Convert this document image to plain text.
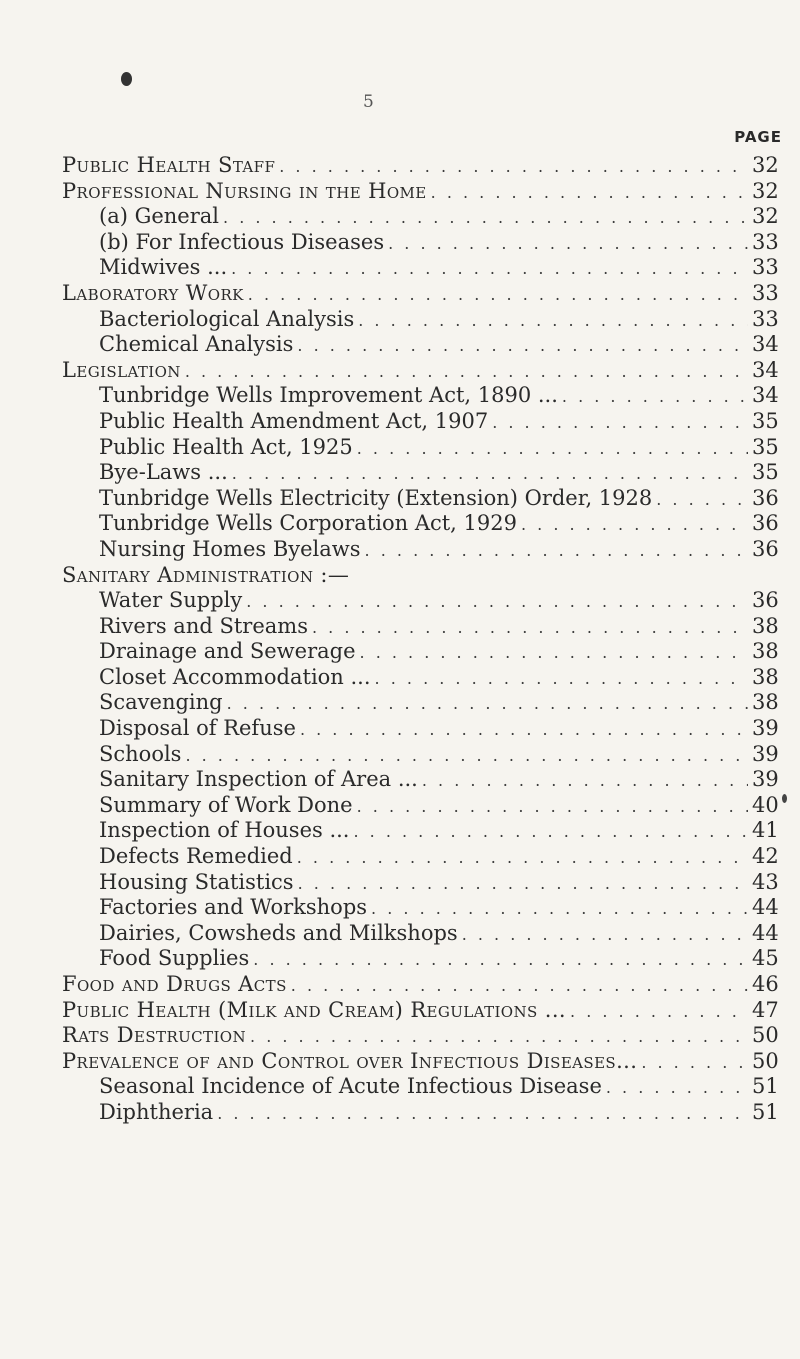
5
PAGE
Public Health Staff . . .	32
Professional Nursing in the Home . . .	32
(a) General . . .	32
(b) For Infectious Diseases . . .	33
Midwives ... . . .	33
Laboratory Work . . .	33
Bacteriological Analysis . . .	33
Chemical Analysis . . .	34
Legislation . . .	34
Tunbridge Wells Improvement Act, 1890 ... . . .	34
Public Health Amendment Act, 1907 . . .	35
Public Health Act, 1925 . . .	35
Bye-Laws ... . . .	35
Tunbridge Wells Electricity (Extension) Order, 1928 . . .	36
Tunbridge Wells Corporation Act, 1929 . . .	36
Nursing Homes Byelaws . . .	36
Sanitary Administration :—
Water Supply . . .	36
Rivers and Streams . . .	38
Drainage and Sewerage . . .	38
Closet Accommodation ... . . .	38
Scavenging . . .	38
Disposal of Refuse . . .	39
Schools . . .	39
Sanitary Inspection of Area ... . . .	39
Summary of Work Done . . .	40
Inspection of Houses ... . . .	41
Defects Remedied . . .	42
Housing Statistics . . .	43
Factories and Workshops . . .	44
Dairies, Cowsheds and Milkshops . . .	44
Food Supplies . . .	45
Food and Drugs Acts . . .	46
Public Health (Milk and Cream) Regulations ... . . .	47
Rats Destruction . . .	50
Prevalence of and Control over Infectious Diseases... . . .	50
Seasonal Incidence of Acute Infectious Disease . . .	51
Diphtheria . . .	51
